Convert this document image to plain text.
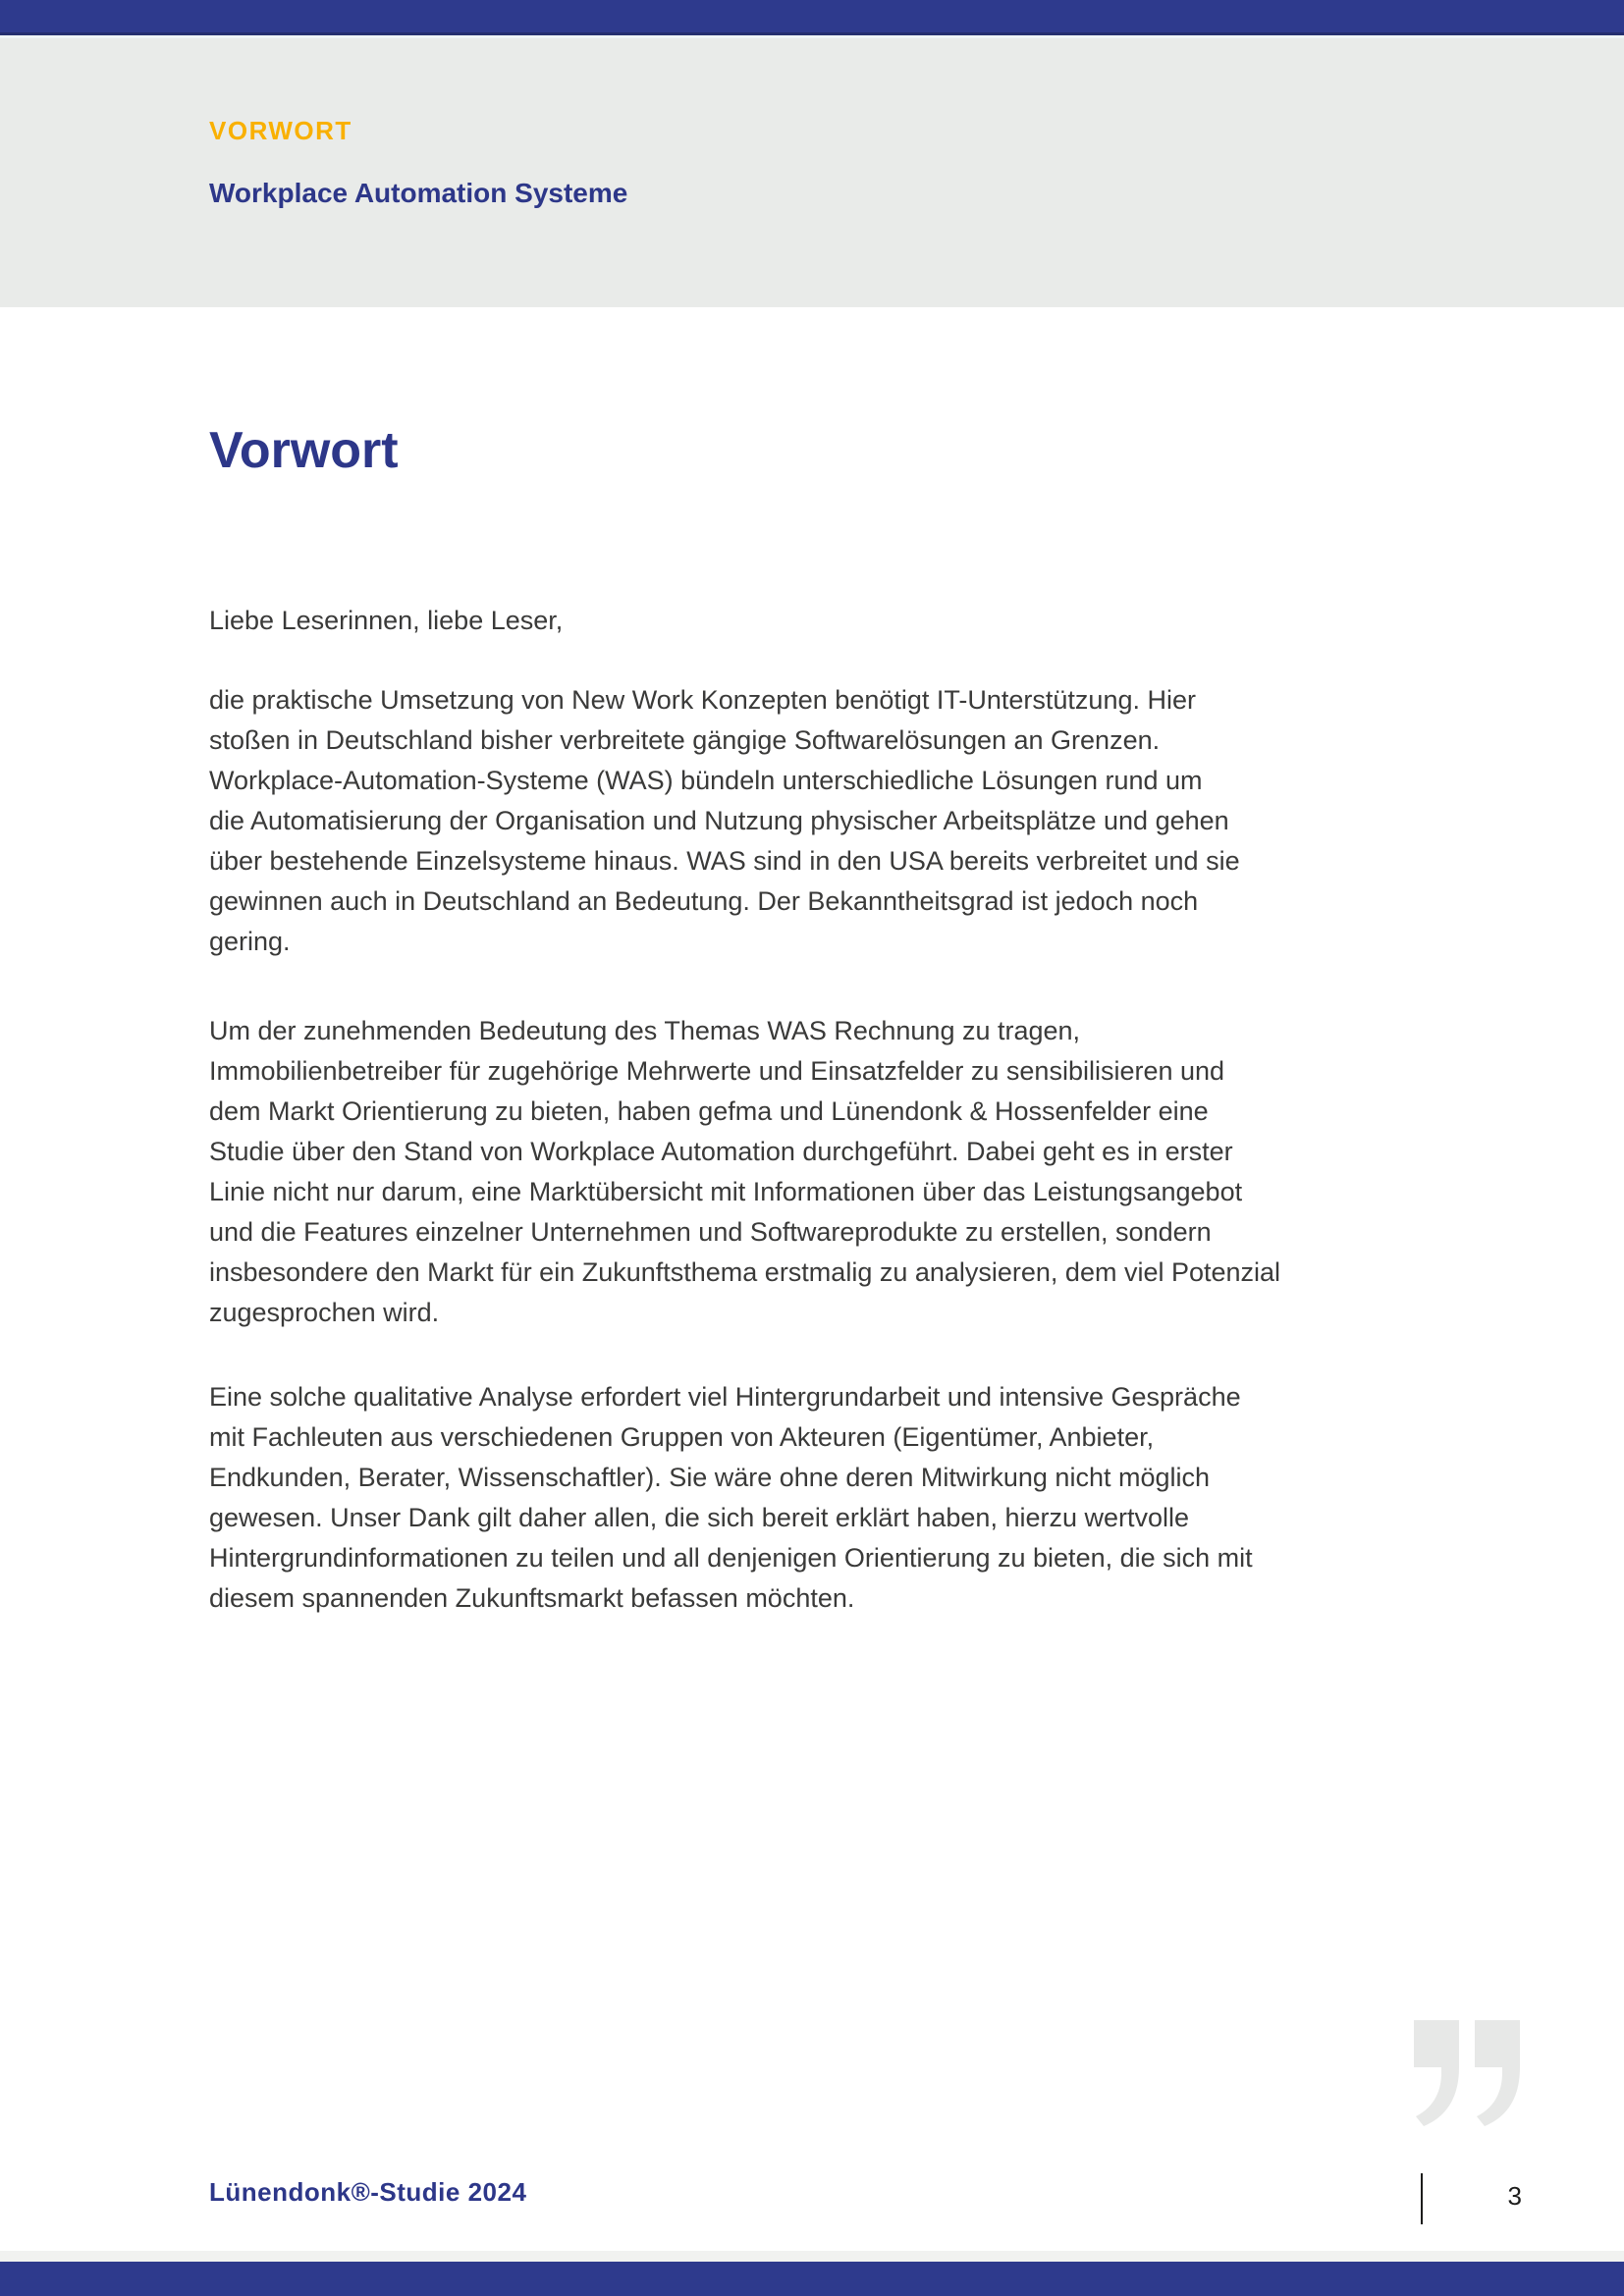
VORWORT
Workplace Automation Systeme
Vorwort
Liebe Leserinnen, liebe Leser,
die praktische Umsetzung von New Work Konzepten benötigt IT-Unterstützung. Hier
stoßen in Deutschland bisher verbreitete gängige Softwarelösungen an Grenzen.
Workplace-Automation-Systeme (WAS) bündeln unterschiedliche Lösungen rund um
die Automatisierung der Organisation und Nutzung physischer Arbeitsplätze und gehen
über bestehende Einzelsysteme hinaus. WAS sind in den USA bereits verbreitet und sie
gewinnen auch in Deutschland an Bedeutung. Der Bekanntheitsgrad ist jedoch noch
gering.
Um der zunehmenden Bedeutung des Themas WAS Rechnung zu tragen,
Immobilienbetreiber für zugehörige Mehrwerte und Einsatzfelder zu sensibilisieren und
dem Markt Orientierung zu bieten, haben gefma und Lünendonk & Hossenfelder eine
Studie über den Stand von Workplace Automation durchgeführt. Dabei geht es in erster
Linie nicht nur darum, eine Marktübersicht mit Informationen über das Leistungsangebot
und die Features einzelner Unternehmen und Softwareprodukte zu erstellen, sondern
insbesondere den Markt für ein Zukunftsthema erstmalig zu analysieren, dem viel Potenzial
zugesprochen wird.
Eine solche qualitative Analyse erfordert viel Hintergrundarbeit und intensive Gespräche
mit Fachleuten aus verschiedenen Gruppen von Akteuren (Eigentümer, Anbieter,
Endkunden, Berater, Wissenschaftler). Sie wäre ohne deren Mitwirkung nicht möglich
gewesen. Unser Dank gilt daher allen, die sich bereit erklärt haben, hierzu wertvolle
Hintergrundinformationen zu teilen und all denjenigen Orientierung zu bieten, die sich mit
diesem spannenden Zukunftsmarkt befassen möchten.
Lünendonk®-Studie 2024	3
